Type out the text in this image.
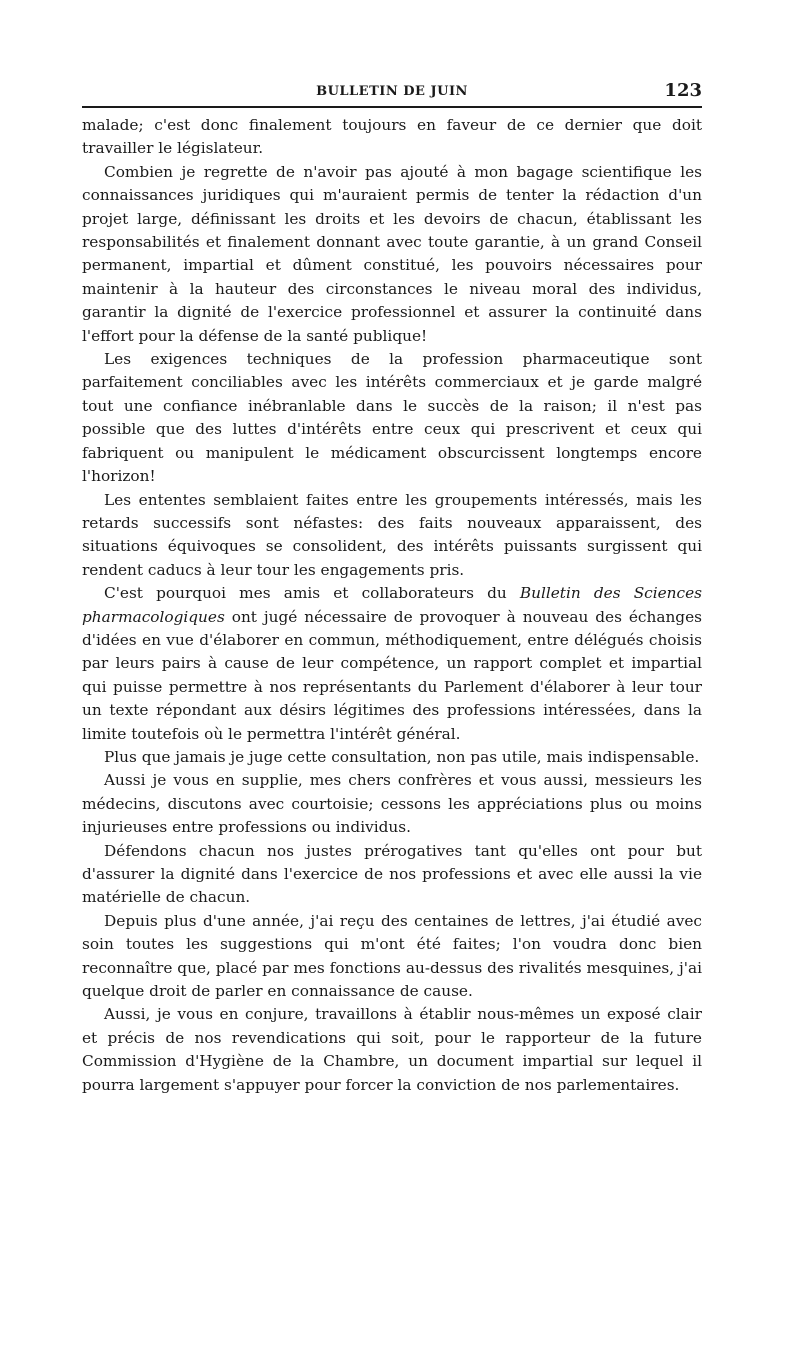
BULLETIN DE JUIN	123

malade; c'est donc finalement toujours en faveur de ce dernier que doit travailler le législateur.

Combien je regrette de n'avoir pas ajouté à mon bagage scientifique les connaissances juridiques qui m'auraient permis de tenter la rédaction d'un projet large, définissant les droits et les devoirs de chacun, établissant les responsabilités et finalement donnant avec toute garantie, à un grand Conseil permanent, impartial et dûment constitué, les pouvoirs nécessaires pour maintenir à la hauteur des circonstances le niveau moral des individus, garantir la dignité de l'exercice professionnel et assurer la continuité dans l'effort pour la défense de la santé publique!

Les exigences techniques de la profession pharmaceutique sont parfaitement conciliables avec les intérêts commerciaux et je garde malgré tout une confiance inébranlable dans le succès de la raison; il n'est pas possible que des luttes d'intérêts entre ceux qui prescrivent et ceux qui fabriquent ou manipulent le médicament obscurcissent longtemps encore l'horizon!

Les ententes semblaient faites entre les groupements intéressés, mais les retards successifs sont néfastes: des faits nouveaux apparaissent, des situations équivoques se consolident, des intérêts puissants surgissent qui rendent caducs à leur tour les engagements pris.

C'est pourquoi mes amis et collaborateurs du Bulletin des Sciences pharmacologiques ont jugé nécessaire de provoquer à nouveau des échanges d'idées en vue d'élaborer en commun, méthodiquement, entre délégués choisis par leurs pairs à cause de leur compétence, un rapport complet et impartial qui puisse permettre à nos représentants du Parlement d'élaborer à leur tour un texte répondant aux désirs légitimes des professions intéressées, dans la limite toutefois où le permettra l'intérêt général.

Plus que jamais je juge cette consultation, non pas utile, mais indispensable.

Aussi je vous en supplie, mes chers confrères et vous aussi, messieurs les médecins, discutons avec courtoisie; cessons les appréciations plus ou moins injurieuses entre professions ou individus.

Défendons chacun nos justes prérogatives tant qu'elles ont pour but d'assurer la dignité dans l'exercice de nos professions et avec elle aussi la vie matérielle de chacun.

Depuis plus d'une année, j'ai reçu des centaines de lettres, j'ai étudié avec soin toutes les suggestions qui m'ont été faites; l'on voudra donc bien reconnaître que, placé par mes fonctions au-dessus des rivalités mesquines, j'ai quelque droit de parler en connaissance de cause.

Aussi, je vous en conjure, travaillons à établir nous-mêmes un exposé clair et précis de nos revendications qui soit, pour le rapporteur de la future Commission d'Hygiène de la Chambre, un document impartial sur lequel il pourra largement s'appuyer pour forcer la conviction de nos parlementaires.
